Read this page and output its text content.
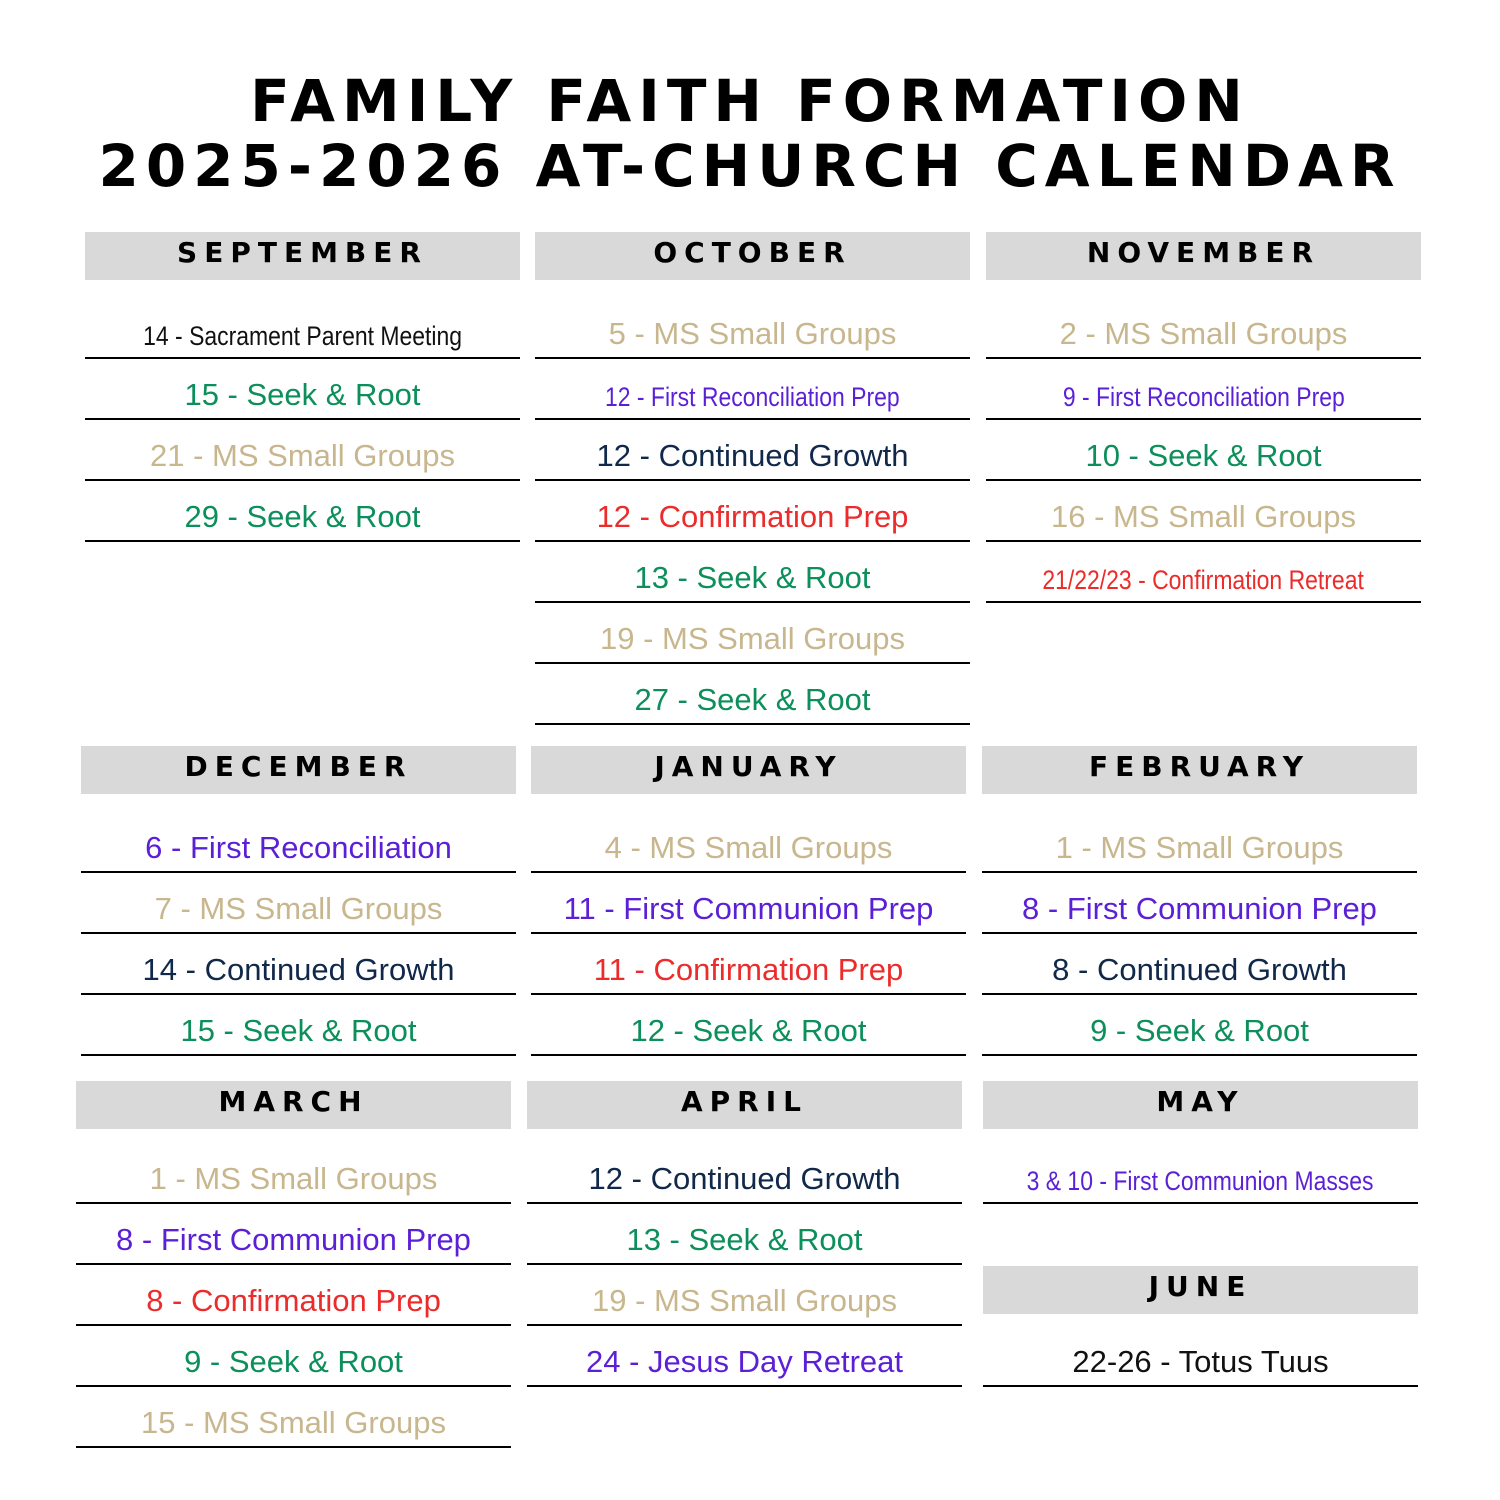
FAMILY FAITH FORMATION
2025-2026 AT-CHURCH CALENDAR
SEPTEMBER
14 - Sacrament Parent Meeting
15 - Seek & Root
21 - MS Small Groups
29 - Seek & Root
OCTOBER
5 - MS Small Groups
12 - First Reconciliation Prep
12 - Continued Growth
12 - Confirmation Prep
13 - Seek & Root
19 - MS Small Groups
27 - Seek & Root
NOVEMBER
2 - MS Small Groups
9 - First Reconciliation Prep
10 - Seek & Root
16 - MS Small Groups
21/22/23 - Confirmation Retreat
DECEMBER
6 - First Reconciliation
7 - MS Small Groups
14 - Continued Growth
15 - Seek & Root
JANUARY
4 - MS Small Groups
11 - First Communion Prep
11 - Confirmation Prep
12 - Seek & Root
FEBRUARY
1 - MS Small Groups
8 - First Communion Prep
8 - Continued Growth
9 - Seek & Root
MARCH
1 - MS Small Groups
8 - First Communion Prep
8 - Confirmation Prep
9 - Seek & Root
15 - MS Small Groups
APRIL
12 - Continued Growth
13 - Seek & Root
19 - MS Small Groups
24 - Jesus Day Retreat
MAY
3 & 10 - First Communion Masses
JUNE
22-26 - Totus Tuus
